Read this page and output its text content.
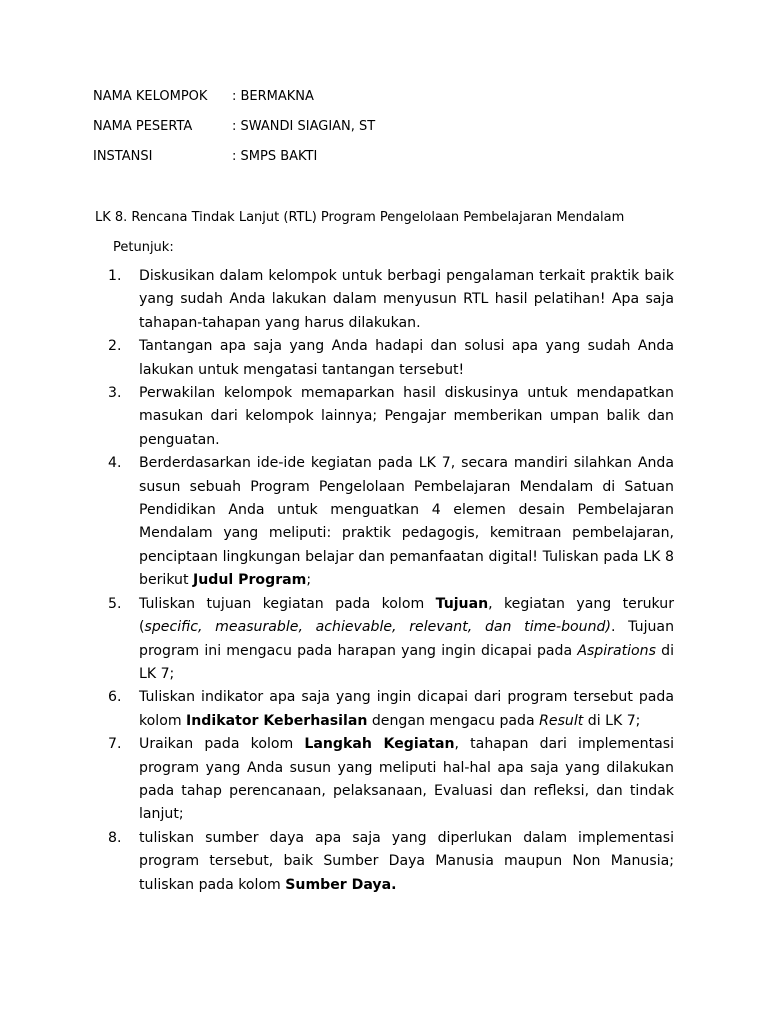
NAMA KELOMPOK	: BERMAKNA
NAMA PESERTA	: SWANDI SIAGIAN, ST
INSTANSI	: SMPS BAKTI
LK 8. Rencana Tindak Lanjut (RTL) Program Pengelolaan Pembelajaran Mendalam
Petunjuk:
1.	Diskusikan dalam kelompok untuk berbagi pengalaman terkait praktik baik yang sudah Anda lakukan dalam menyusun RTL hasil pelatihan! Apa saja tahapan-tahapan yang harus dilakukan.
2.	Tantangan apa saja yang Anda hadapi dan solusi apa yang sudah Anda lakukan untuk mengatasi tantangan tersebut!
3.	Perwakilan kelompok memaparkan hasil diskusinya untuk mendapatkan masukan dari kelompok lainnya; Pengajar memberikan umpan balik dan penguatan.
4.	Berderdasarkan ide-ide kegiatan pada LK 7, secara mandiri silahkan Anda susun sebuah Program Pengelolaan Pembelajaran Mendalam di Satuan Pendidikan Anda untuk menguatkan 4 elemen desain Pembelajaran Mendalam yang meliputi: praktik pedagogis, kemitraan pembelajaran, penciptaan lingkungan belajar dan pemanfaatan digital! Tuliskan pada LK 8 berikut Judul Program;
5.	Tuliskan tujuan kegiatan pada kolom Tujuan, kegiatan yang terukur (specific, measurable, achievable, relevant, dan time-bound). Tujuan program ini mengacu pada harapan yang ingin dicapai pada Aspirations di LK 7;
6.	Tuliskan indikator apa saja yang ingin dicapai dari program tersebut pada kolom Indikator Keberhasilan dengan mengacu pada Result di LK 7;
7.	Uraikan pada kolom Langkah Kegiatan, tahapan dari implementasi program yang Anda susun yang meliputi hal-hal apa saja yang dilakukan pada tahap perencanaan, pelaksanaan, Evaluasi dan refleksi, dan tindak lanjut;
8.	tuliskan sumber daya apa saja yang diperlukan dalam implementasi program tersebut, baik Sumber Daya Manusia maupun Non Manusia; tuliskan pada kolom Sumber Daya.
